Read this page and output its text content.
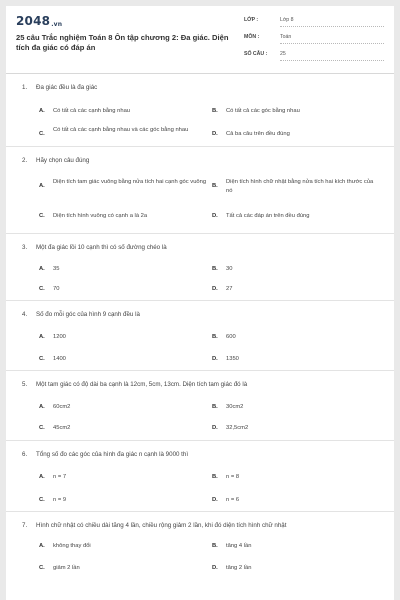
2048.vn
25 câu Trắc nghiệm Toán 8 Ôn tập chương 2: Đa giác. Diện tích đa giác có đáp án
LỚP :	Lớp 8
MÔN :	Toán
SỐ CÂU : 25
1. Đa giác đều là đa giác
A. Có tất cả các cạnh bằng nhau	B. Có tất cả các góc bằng nhau
C.
Có tất cả các cạnh bằng nhau và các góc bằng nhau
D. Cả ba câu trên đều đúng
2. Hãy chọn câu đúng
A.
Diện tích tam giác vuông bằng nửa tích hai cạnh góc vuông
B.
Diện tích hình chữ nhật bằng nửa tích hai kích thước của nó
C. Diện tích hình vuông có cạnh a là 2a	D. Tất cả các đáp án trên đều đúng
3. Một đa giác lồi 10 cạnh thì có số đường chéo là
A. 35	B. 30
C. 70	D. 27
4. Số đo mỗi góc của hình 9 cạnh đều là
A. 1200	B. 600
C. 1400	D. 1350
5. Một tam giác có độ dài ba cạnh là 12cm, 5cm, 13cm. Diện tích tam giác đó là
A. 60cm2	B. 30cm2
C. 45cm2	D. 32,5cm2
6. Tổng số đo các góc của hình đa giác n cạnh là 9000 thì
A. n = 7	B. n = 8
C. n = 9	D. n = 6
7. Hình chữ nhật có chiều dài tăng 4 lần, chiều rộng giảm 2 lần, khi đó diện tích hình chữ nhật
A. không thay đổi	B. tăng 4 lần
C. giảm 2 lần	D. tăng 2 lần
